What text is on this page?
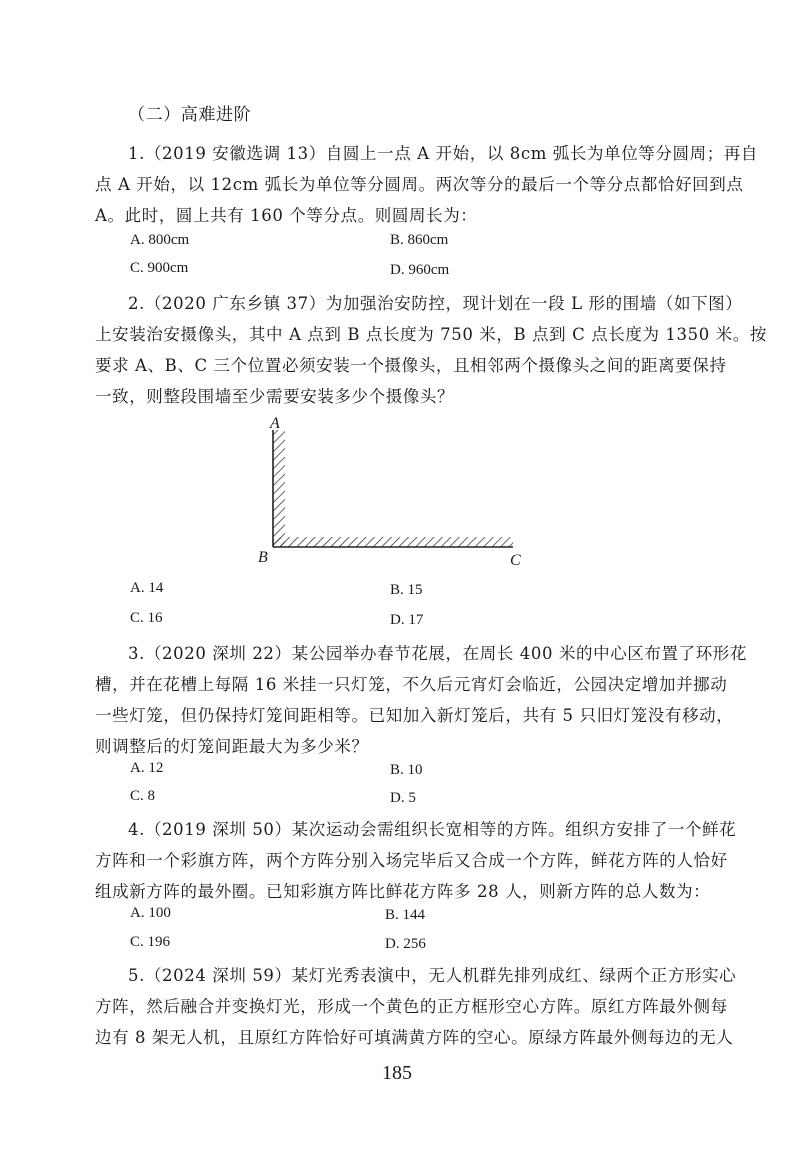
（二）高难进阶
1.（2019 安徽选调 13）自圆上一点 A 开始，以 8cm 弧长为单位等分圆周；再自
点 A 开始，以 12cm 弧长为单位等分圆周。两次等分的最后一个等分点都恰好回到点
A。此时，圆上共有 160 个等分点。则圆周长为：
A. 800cm	B. 860cm
C. 900cm	D. 960cm
2.（2020 广东乡镇 37）为加强治安防控，现计划在一段 L 形的围墙（如下图）
上安装治安摄像头，其中 A 点到 B 点长度为 750 米，B 点到 C 点长度为 1350 米。按
要求 A、B、C 三个位置必须安装一个摄像头，且相邻两个摄像头之间的距离要保持
一致，则整段围墙至少需要安装多少个摄像头？
A
B	C
A. 14	B. 15
C. 16	D. 17
3.（2020 深圳 22）某公园举办春节花展，在周长 400 米的中心区布置了环形花
槽，并在花槽上每隔 16 米挂一只灯笼，不久后元宵灯会临近，公园决定增加并挪动
一些灯笼，但仍保持灯笼间距相等。已知加入新灯笼后，共有 5 只旧灯笼没有移动，
则调整后的灯笼间距最大为多少米？
A. 12	B. 10
C. 8	D. 5
4.（2019 深圳 50）某次运动会需组织长宽相等的方阵。组织方安排了一个鲜花
方阵和一个彩旗方阵，两个方阵分别入场完毕后又合成一个方阵，鲜花方阵的人恰好
组成新方阵的最外圈。已知彩旗方阵比鲜花方阵多 28 人，则新方阵的总人数为：
A. 100	B. 144
C. 196	D. 256
5.（2024 深圳 59）某灯光秀表演中，无人机群先排列成红、绿两个正方形实心
方阵，然后融合并变换灯光，形成一个黄色的正方框形空心方阵。原红方阵最外侧每
边有 8 架无人机，且原红方阵恰好可填满黄方阵的空心。原绿方阵最外侧每边的无人
185
